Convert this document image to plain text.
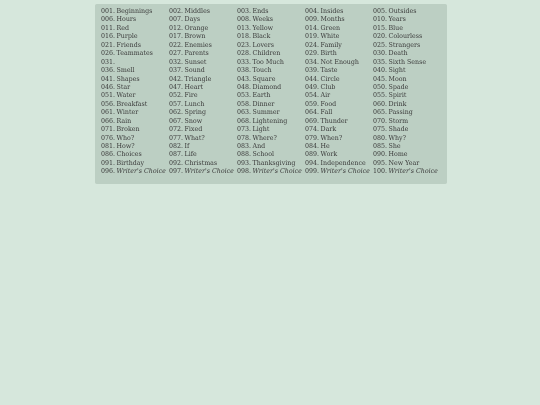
001. Beginnings	002. Middles	003. Ends	004. Insides	005. Outsides
006. Hours	007. Days	008. Weeks	009. Months	010. Years
011. Red	012. Orange	013. Yellow	014. Green	015. Blue
016. Purple	017. Brown	018. Black	019. White	020. Colourless
021. Friends	022. Enemies	023. Lovers	024. Family	025. Strangers
026. Teammates	027. Parents	028. Children	029. Birth	030. Death
031.	032. Sunset	033. Too Much	034. Not Enough	035. Sixth Sense
036. Smell	037. Sound	038. Touch	039. Taste	040. Sight
041. Shapes	042. Triangle	043. Square	044. Circle	045. Moon
046. Star	047. Heart	048. Diamond	049. Club	050. Spade
051. Water	052. Fire	053. Earth	054. Air	055. Spirit
056. Breakfast	057. Lunch	058. Dinner	059. Food	060. Drink
061. Winter	062. Spring	063. Summer	064. Fall	065. Passing
066. Rain	067. Snow	068. Lightening	069. Thunder	070. Storm
071. Broken	072. Fixed	073. Light	074. Dark	075. Shade
076. Who?	077. What?	078. Where?	079. When?	080. Why?
081. How?	082. If	083. And	084. He	085. She
086. Choices	087. Life	088. School	089. Work	090. Home
091. Birthday	092. Christmas	093. Thanksgiving	094. Independence	095. New Year
096. Writer's Choice 097. Writer's Choice 098. Writer's Choice 099. Writer's Choice 100. Writer's Choice
